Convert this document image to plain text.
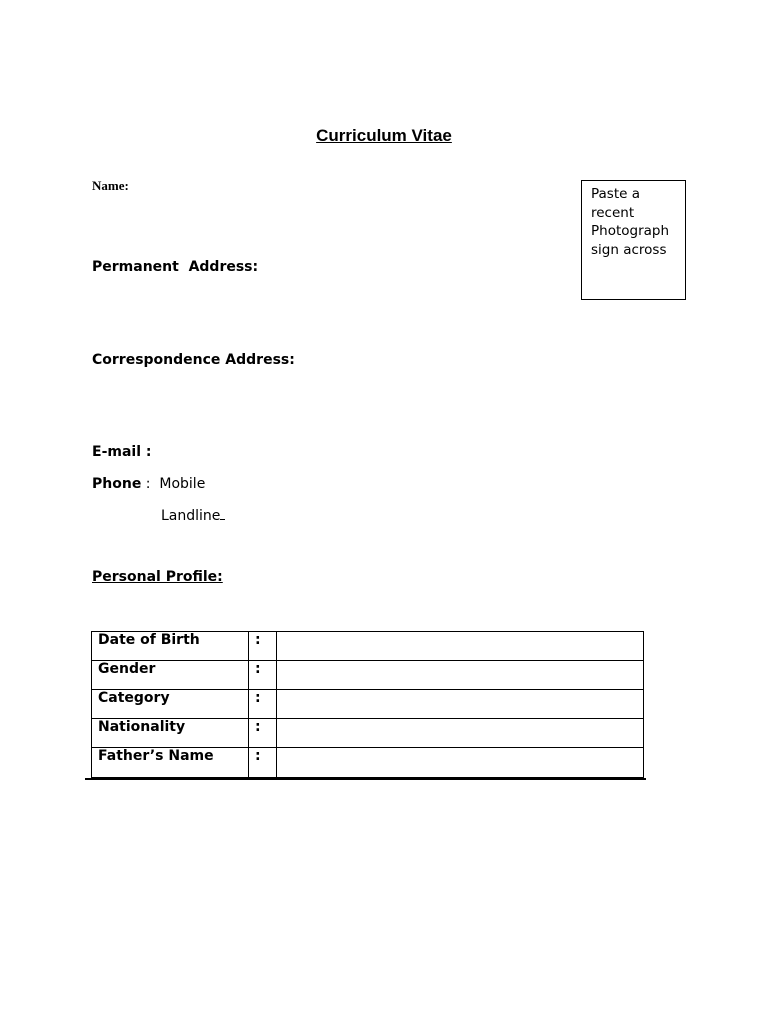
Curriculum Vitae
Name:
Paste a
recent
Photograph
sign across
Permanent  Address:
Correspondence Address:
E-mail :
Phone :  Mobile
Landline
Personal Profile:
Date of Birth	:	
Gender	:	
Category	:	
Nationality	:	
Father’s Name	:	
